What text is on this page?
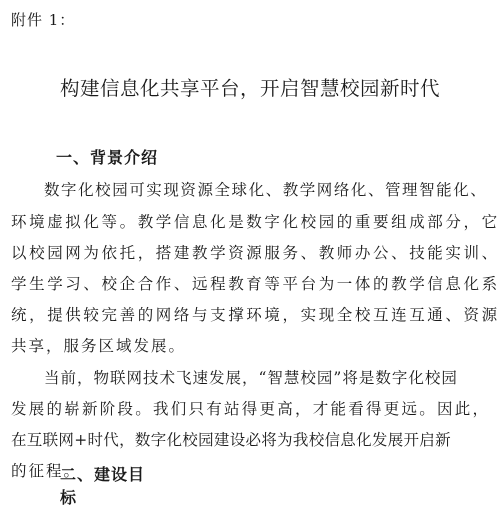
附件 1：
构建信息化共享平台，开启智慧校园新时代
一、背景介绍
数字化校园可实现资源全球化、教学网络化、管理智能化、
环境虚拟化等。教学信息化是数字化校园的重要组成部分，它
以校园网为依托，搭建教学资源服务、教师办公、技能实训、
学生学习、校企合作、远程教育等平台为一体的教学信息化系
统，提供较完善的网络与支撑环境，实现全校互连互通、资源
共享，服务区域发展。
当前，物联网技术飞速发展，“智慧校园”将是数字化校园
发展的崭新阶段。我们只有站得更高，才能看得更远。因此，
在互联网+时代，数字化校园建设必将为我校信息化发展开启新
的征程。
二、建设目标
